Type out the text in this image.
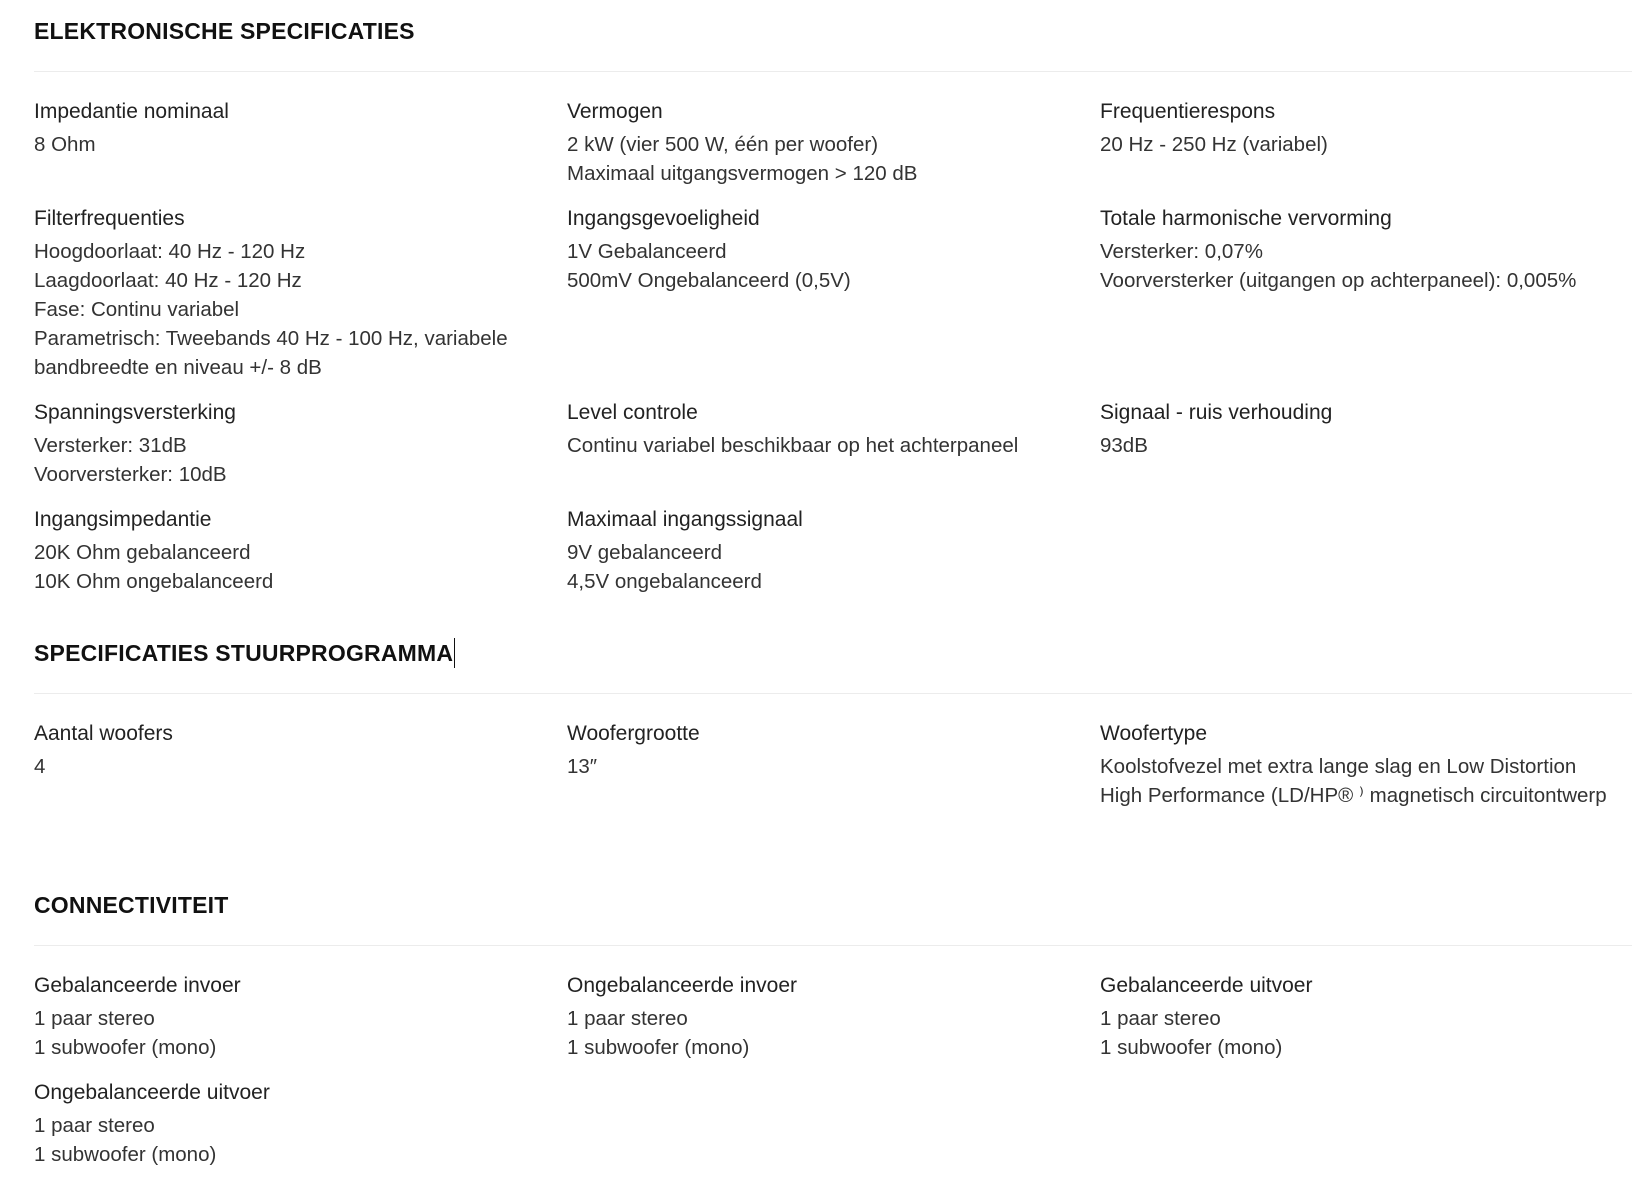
ELEKTRONISCHE SPECIFICATIES
Impedantie nominaal
8 Ohm
Vermogen
2 kW (vier 500 W, één per woofer)
Maximaal uitgangsvermogen > 120 dB
Frequentierespons
20 Hz - 250 Hz (variabel)
Filterfrequenties
Hoogdoorlaat: 40 Hz - 120 Hz
Laagdoorlaat: 40 Hz - 120 Hz
Fase: Continu variabel
Parametrisch: Tweebands 40 Hz - 100 Hz, variabele bandbreedte en niveau +/- 8 dB
Ingangsgevoeligheid
1V Gebalanceerd
500mV Ongebalanceerd (0,5V)
Totale harmonische vervorming
Versterker: 0,07%
Voorversterker (uitgangen op achterpaneel): 0,005%
Spanningsversterking
Versterker: 31dB
Voorversterker: 10dB
Level controle
Continu variabel beschikbaar op het achterpaneel
Signaal - ruis verhouding
93dB
Ingangsimpedantie
20K Ohm gebalanceerd
10K Ohm ongebalanceerd
Maximaal ingangssignaal
9V gebalanceerd
4,5V ongebalanceerd
SPECIFICATIES STUURPROGRAMMA
Aantal woofers
4
Woofergrootte
13″
Woofertype
Koolstofvezel met extra lange slag en Low Distortion High Performance (LD/HP® ⁾ magnetisch circuitontwerp
CONNECTIVITEIT
Gebalanceerde invoer
1 paar stereo
1 subwoofer (mono)
Ongebalanceerde invoer
1 paar stereo
1 subwoofer (mono)
Gebalanceerde uitvoer
1 paar stereo
1 subwoofer (mono)
Ongebalanceerde uitvoer
1 paar stereo
1 subwoofer (mono)
